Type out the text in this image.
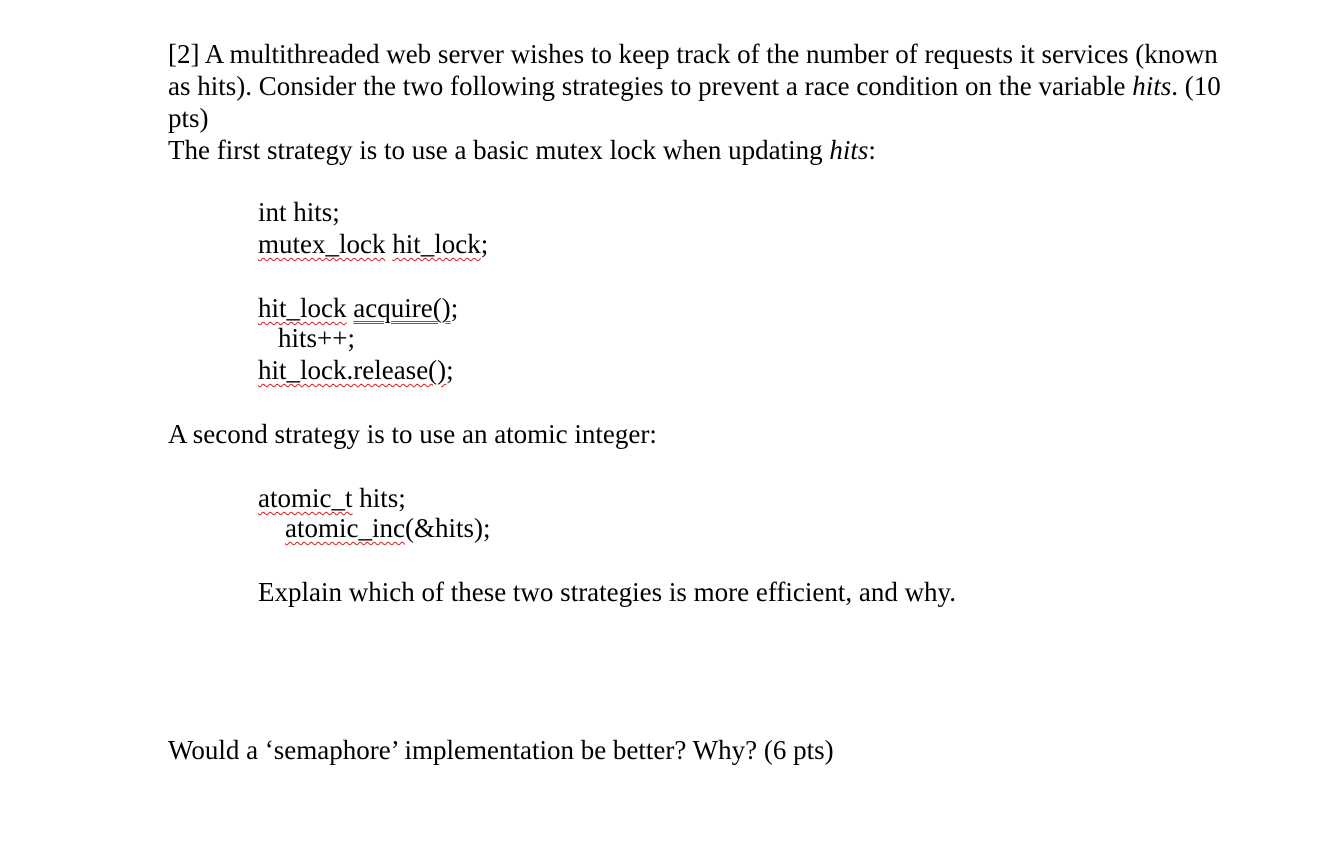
[2] A multithreaded web server wishes to keep track of the number of requests it services (known
as hits). Consider the two following strategies to prevent a race condition on the variable hits. (10
pts)
The first strategy is to use a basic mutex lock when updating hits:
int hits;
mutex_lock hit_lock;
hit_lock acquire();
hits++;
hit_lock.release();
A second strategy is to use an atomic integer:
atomic_t hits;
atomic_inc(&hits);
Explain which of these two strategies is more efficient, and why.
Would a ‘semaphore’ implementation be better? Why? (6 pts)
